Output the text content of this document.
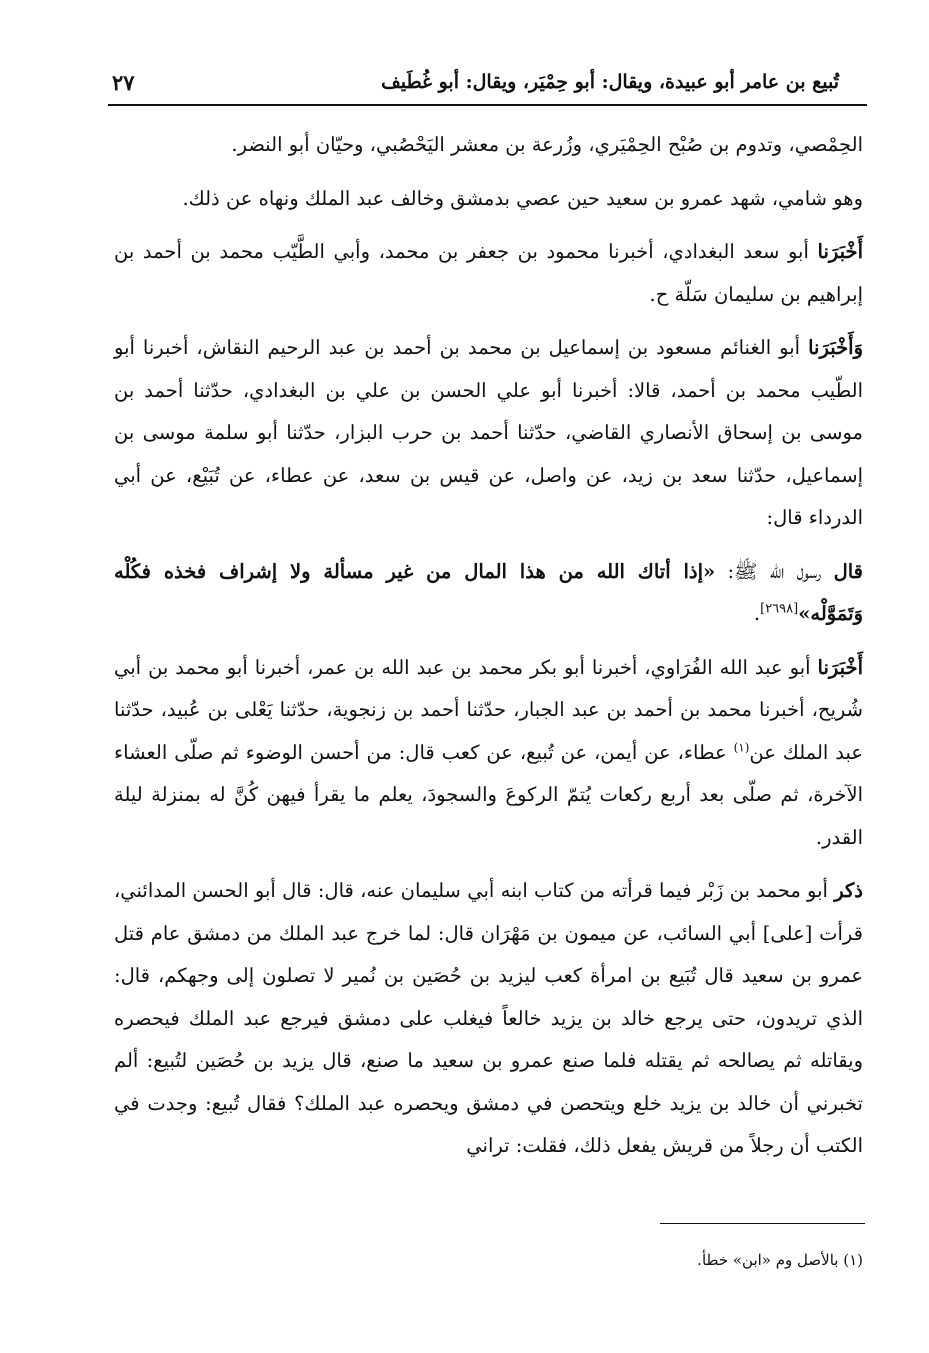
تُبيع بن عامر أبو عبيدة، ويقال: أبو حِمْيَر، ويقال: أبو غُطَيف
٢٧

الحِمْصي، وتدوم بن صُبْح الحِمْيَري، وزُرعة بن معشر اليَحْصُبي، وحيّان أبو النضر.

وهو شامي، شهد عمرو بن سعيد حين عصي بدمشق وخالف عبد الملك ونهاه عن ذلك.

أَخْبَرَنا أبو سعد البغدادي، أخبرنا محمود بن جعفر بن محمد، وأبي الطَّيّب محمد بن أحمد بن إبراهيم بن سليمان سَلّة ح.

وَأَخْبَرَنا أبو الغنائم مسعود بن إسماعيل بن محمد بن أحمد بن عبد الرحيم النقاش، أخبرنا أبو الطّيب محمد بن أحمد، قالا: أخبرنا أبو علي الحسن بن علي بن البغدادي، حدّثنا أحمد بن موسى بن إسحاق الأنصاري القاضي، حدّثنا أحمد بن حرب البزار، حدّثنا أبو سلمة موسى بن إسماعيل، حدّثنا سعد بن زيد، عن واصل، عن قيس بن سعد، عن عطاء، عن تُبَيْع، عن أبي الدرداء قال:

قال رسول الله ﷺ: «إذا أتاك الله من هذا المال من غير مسألة ولا إشراف فخذه فكُلْه وَتَمَوَّلْه»[٢٦٩٨].

أَخْبَرَنا أبو عبد الله الفُرَاوي، أخبرنا أبو بكر محمد بن عبد الله بن عمر، أخبرنا أبو محمد بن أبي شُريح، أخبرنا محمد بن أحمد بن عبد الجبار، حدّثنا أحمد بن زنجوية، حدّثنا يَعْلى بن عُبيد، حدّثنا عبد الملك عن$^{(١)}$ عطاء، عن أيمن، عن تُبيع، عن كعب قال: من أحسن الوضوء ثم صلّى العشاء الآخرة، ثم صلّى بعد أربع ركعات يُتمّ الركوعَ والسجودَ، يعلم ما يقرأ فيهن كُنَّ له بمنزلة ليلة القدر.

ذكر أبو محمد بن زَبْر فيما قرأته من كتاب ابنه أبي سليمان عنه، قال: قال أبو الحسن المدائني، قرأت [على] أبي السائب، عن ميمون بن مَهْرَان قال: لما خرج عبد الملك من دمشق عام قتل عمرو بن سعيد قال تُبَيع بن امرأة كعب ليزيد بن حُصَين بن نُمير لا تصلون إلى وجهكم، قال: الذي تريدون، حتى يرجع خالد بن يزيد خالعاً فيغلب على دمشق فيرجع عبد الملك فيحصره ويقاتله ثم يصالحه ثم يقتله فلما صنع عمرو بن سعيد ما صنع، قال يزيد بن حُصَين لتُبيع: ألم تخبرني أن خالد بن يزيد خلع ويتحصن في دمشق ويحصره عبد الملك؟ فقال تُبيع: وجدت في الكتب أن رجلاً من قريش يفعل ذلك، فقلت: تراني

(١) بالأصل وم «ابن» خطأ.
